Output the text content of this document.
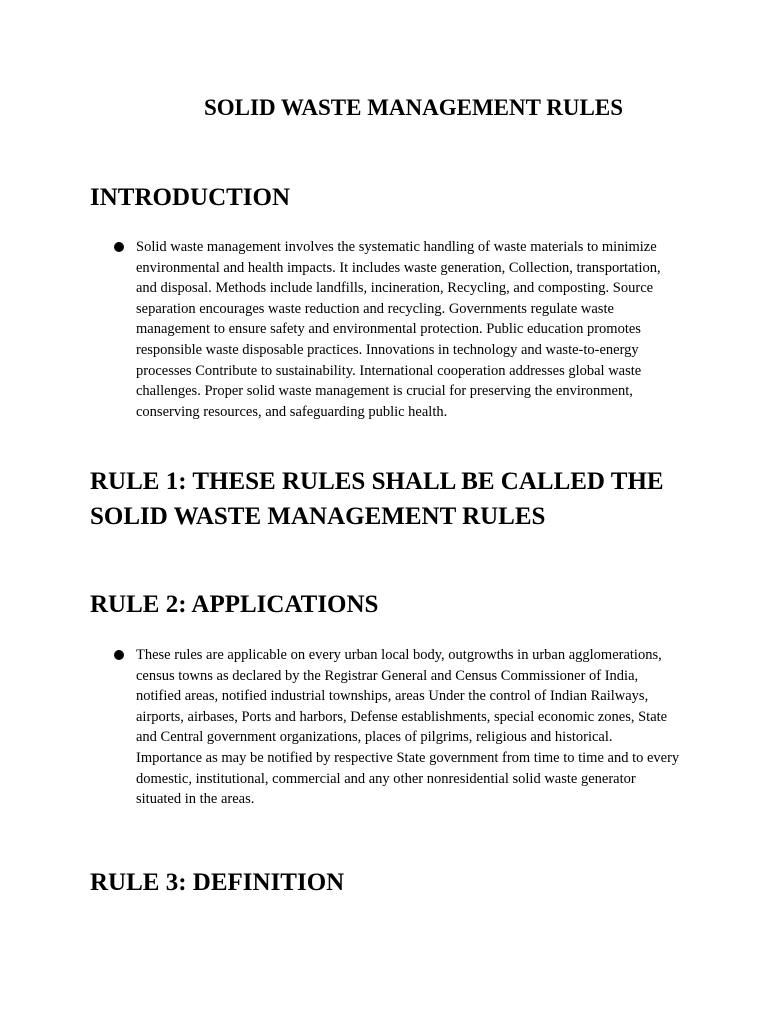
SOLID WASTE MANAGEMENT RULES
INTRODUCTION
Solid waste management involves the systematic handling of waste materials to minimize environmental and health impacts. It includes waste generation, Collection, transportation, and disposal. Methods include landfills, incineration, Recycling, and composting. Source separation encourages waste reduction and recycling. Governments regulate waste management to ensure safety and environmental protection. Public education promotes responsible waste disposable practices. Innovations in technology and waste-to-energy processes Contribute to sustainability. International cooperation addresses global waste challenges. Proper solid waste management is crucial for preserving the environment, conserving resources, and safeguarding public health.
RULE 1: THESE RULES SHALL BE CALLED THE
SOLID WASTE MANAGEMENT RULES
RULE 2: APPLICATIONS
These rules are applicable on every urban local body, outgrowths in urban agglomerations, census towns as declared by the Registrar General and Census Commissioner of India, notified areas, notified industrial townships, areas Under the control of Indian Railways, airports, airbases, Ports and harbors, Defense establishments, special economic zones, State and Central government organizations, places of pilgrims, religious and historical. Importance as may be notified by respective State government from time to time and to every domestic, institutional, commercial and any other nonresidential solid waste generator situated in the areas.
RULE 3: DEFINITION
